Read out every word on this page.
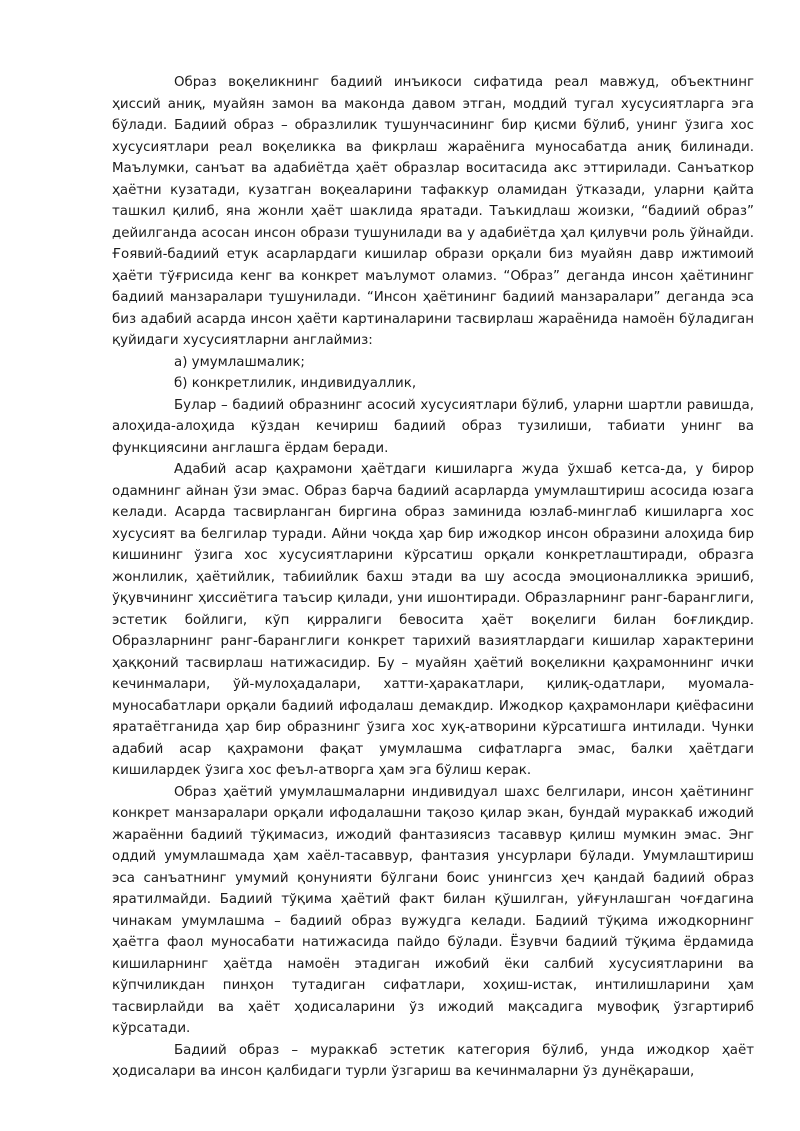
Образ воқеликнинг бадиий инъикоси сифатида реал мавжуд, объектнинг ҳиссий аниқ, муайян замон ва маконда давом этган, моддий тугал хусусиятларга эга бўлади. Бадиий образ – образлилик тушунчасининг бир қисми бўлиб, унинг ўзига хос хусусиятлари реал воқеликка ва фикрлаш жараёнига муносабатда аниқ билинади. Маълумки, санъат ва адабиётда ҳаёт образлар воситасида акс эттирилади. Санъаткор ҳаётни кузатади, кузатган воқеаларини тафаккур оламидан ўтказади, уларни қайта ташкил қилиб, яна жонли ҳаёт шаклида яратади. Таъкидлаш жоизки, “бадиий образ” дейилганда асосан инсон образи тушунилади ва у адабиётда ҳал қилувчи роль ўйнайди. Ғоявий-бадиий етук асарлардаги кишилар образи орқали биз муайян давр ижтимоий ҳаёти тўғрисида кенг ва конкрет маълумот оламиз. “Образ” деганда инсон ҳаётининг бадиий манзаралари тушунилади. “Инсон ҳаётининг бадиий манзаралари” деганда эса биз адабий асарда инсон ҳаёти картиналарини тасвирлаш жараёнида намоён бўладиган қуйидаги хусусиятларни англаймиз:

а) умумлашмалик;

б) конкретлилик, индивидуаллик,

Булар – бадиий образнинг асосий хусусиятлари бўлиб, уларни шартли равишда, алоҳида-алоҳида кўздан кечириш бадиий образ тузилиши, табиати унинг ва функциясини англашга ёрдам беради.

Адабий асар қаҳрамони ҳаётдаги кишиларга жуда ўхшаб кетса-да, у бирор одамнинг айнан ўзи эмас. Образ барча бадиий асарларда умумлаштириш асосида юзага келади. Асарда тасвирланган биргина образ заминида юзлаб-минглаб кишиларга хос хусусият ва белгилар туради. Айни чоқда ҳар бир ижодкор инсон образини алоҳида бир кишининг ўзига хос хусусиятларини кўрсатиш орқали конкретлаштиради, образга жонлилик, ҳаётийлик, табиийлик бахш этади ва шу асосда эмоционалликка эришиб, ўқувчининг ҳиссиётига таъсир қилади, уни ишонтиради. Образларнинг ранг-баранглиги, эстетик бойлиги, кўп қирралиги бевосита ҳаёт воқелиги билан боғлиқдир. Образларнинг ранг-баранглиги конкрет тарихий вазиятлардаги кишилар характерини ҳаққоний тасвирлаш натижасидир. Бу – муайян ҳаётий воқеликни қаҳрамоннинг ички кечинмалари, ўй-мулоҳадалари, хатти-ҳаракатлари, қилиқ-одатлари, муомала-муносабатлари орқали бадиий ифодалаш демакдир. Ижодкор қаҳрамонлари қиёфасини яратаётганида ҳар бир образнинг ўзига хос хуқ-атворини кўрсатишга интилади. Чунки адабий асар қаҳрамони фақат умумлашма сифатларга эмас, балки ҳаётдаги кишилардек ўзига хос феъл-атворга ҳам эга бўлиш керак.

Образ ҳаётий умумлашмаларни индивидуал шахс белгилари, инсон ҳаётининг конкрет манзаралари орқали ифодалашни тақозо қилар экан, бундай мураккаб ижодий жараённи бадиий тўқимасиз, ижодий фантазиясиз тасаввур қилиш мумкин эмас. Энг оддий умумлашмада ҳам хаёл-тасаввур, фантазия унсурлари бўлади. Умумлаштириш эса санъатнинг умумий қонунияти бўлгани боис унингсиз ҳеч қандай бадиий образ яратилмайди. Бадиий тўқима ҳаётий факт билан қўшилган, уйғунлашган чоғдагина чинакам умумлашма – бадиий образ вужудга келади. Бадиий тўқима ижодкорнинг ҳаётга фаол муносабати натижасида пайдо бўлади. Ёзувчи бадиий тўқима ёрдамида кишиларнинг ҳаётда намоён этадиган ижобий ёки салбий хусусиятларини ва кўпчиликдан пинҳон тутадиган сифатлари, хоҳиш-истак, интилишларини ҳам тасвирлайди ва ҳаёт ҳодисаларини ўз ижодий мақсадига мувофиқ ўзгартириб кўрсатади.

Бадиий образ – мураккаб эстетик категория бўлиб, унда ижодкор ҳаёт ҳодисалари ва инсон қалбидаги турли ўзгариш ва кечинмаларни ўз дунёқараши,
